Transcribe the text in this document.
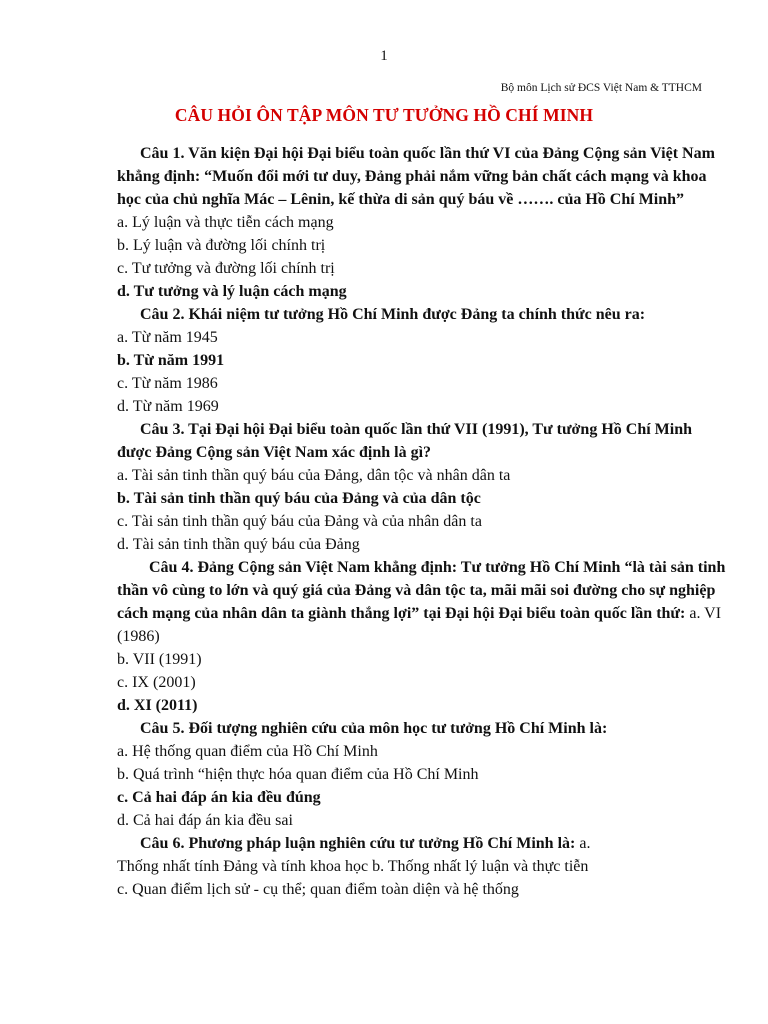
1
Bộ môn Lịch sử ĐCS Việt Nam & TTHCM
CÂU HỎI ÔN TẬP MÔN TƯ TƯỞNG HỒ CHÍ MINH

Câu 1. Văn kiện Đại hội Đại biểu toàn quốc lần thứ VI của Đảng Cộng sản Việt Nam khẳng định: “Muốn đổi mới tư duy, Đảng phải nắm vững bản chất cách mạng và khoa học của chủ nghĩa Mác – Lênin, kế thừa di sản quý báu về ……. của Hồ Chí Minh”

a. Lý luận và thực tiễn cách mạng
b. Lý luận và đường lối chính trị
c. Tư tưởng và đường lối chính trị
d. Tư tưởng và lý luận cách mạng

Câu 2. Khái niệm tư tưởng Hồ Chí Minh được Đảng ta chính thức nêu ra:

a. Từ năm 1945
b. Từ năm 1991
c. Từ năm 1986
d. Từ năm 1969

Câu 3. Tại Đại hội Đại biểu toàn quốc lần thứ VII (1991), Tư tưởng Hồ Chí Minh được Đảng Cộng sản Việt Nam xác định là gì?

a. Tài sản tinh thần quý báu của Đảng, dân tộc và nhân dân ta
b. Tài sản tinh thần quý báu của Đảng và của dân tộc
c. Tài sản tinh thần quý báu của Đảng và của nhân dân ta
d. Tài sản tinh thần quý báu của Đảng

Câu 4. Đảng Cộng sản Việt Nam khẳng định: Tư tưởng Hồ Chí Minh “là tài sản tinh thần vô cùng to lớn và quý giá của Đảng và dân tộc ta, mãi mãi soi đường cho sự nghiệp cách mạng của nhân dân ta giành thắng lợi” tại Đại hội Đại biểu toàn quốc lần thứ: a. VI (1986)

b. VII (1991)
c. IX (2001)
d. XI (2011)

Câu 5. Đối tượng nghiên cứu của môn học tư tưởng Hồ Chí Minh là:

a. Hệ thống quan điểm của Hồ Chí Minh
b. Quá trình “hiện thực hóa quan điểm của Hồ Chí Minh
c. Cả hai đáp án kia đều đúng
d. Cả hai đáp án kia đều sai

Câu 6. Phương pháp luận nghiên cứu tư tưởng Hồ Chí Minh là: a.

Thống nhất tính Đảng và tính khoa học b. Thống nhất lý luận và thực tiễn
c. Quan điểm lịch sử - cụ thể; quan điểm toàn diện và hệ thống
